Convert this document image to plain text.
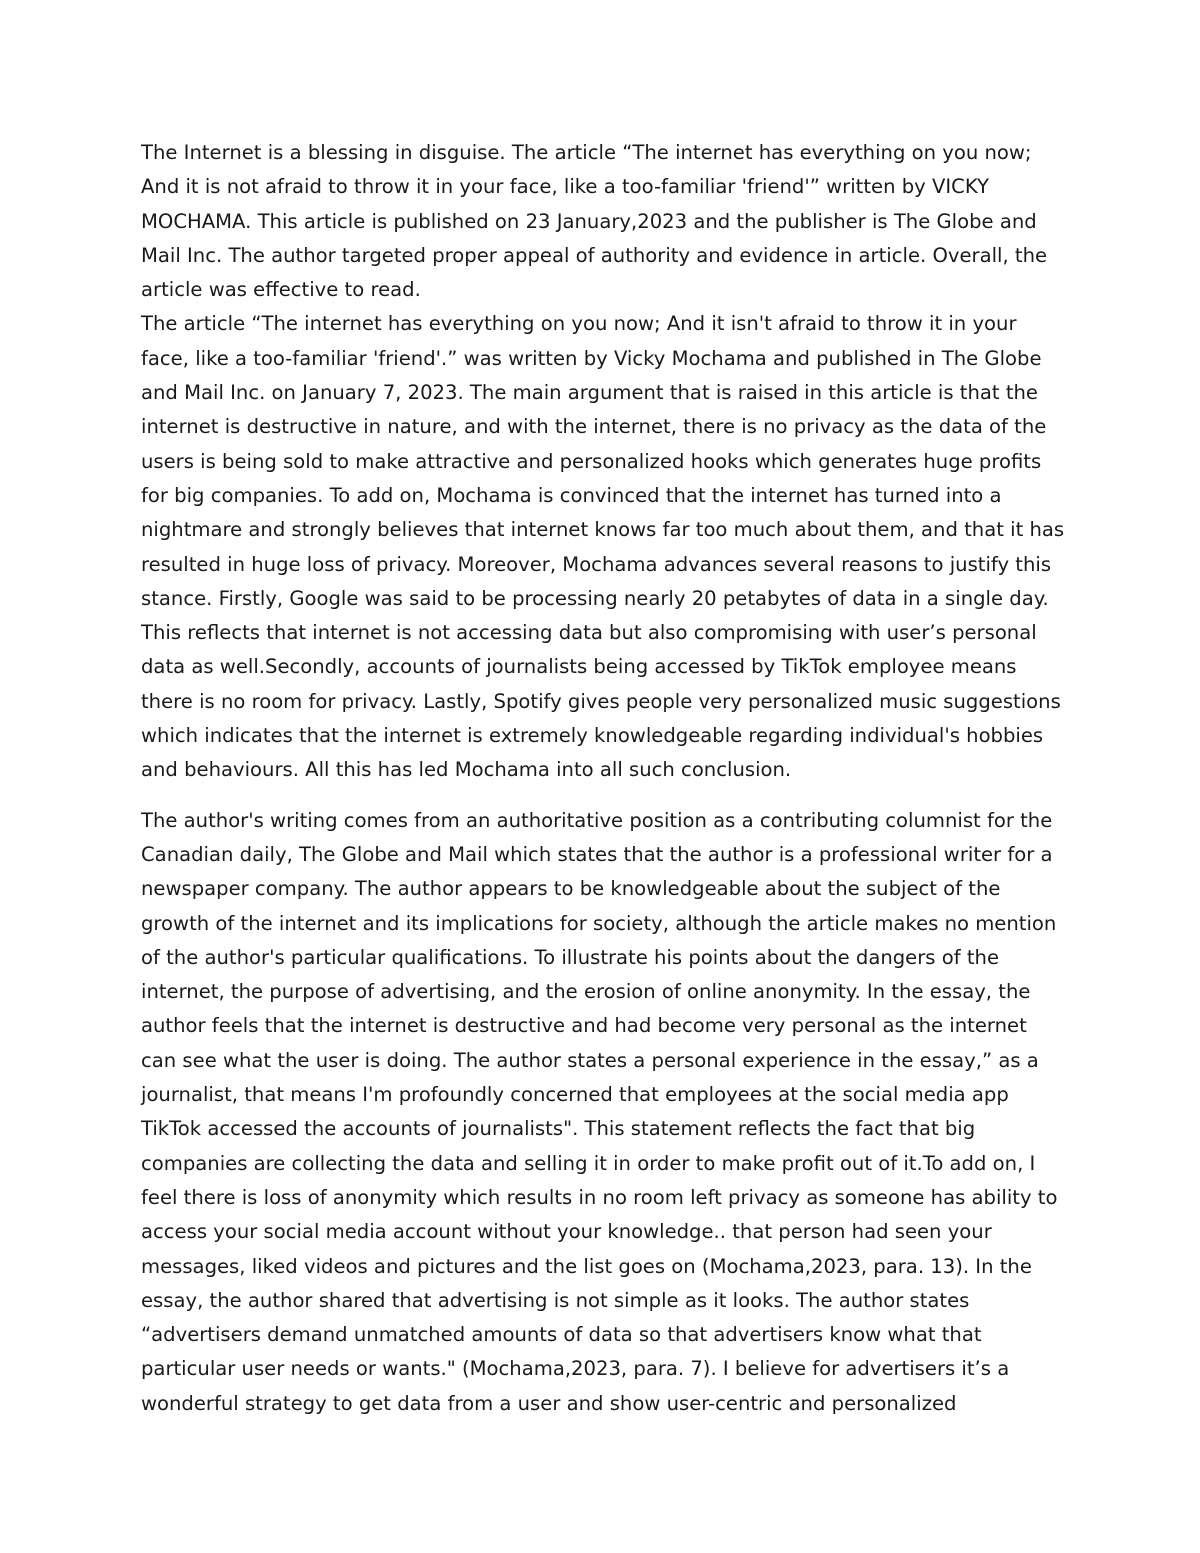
The Internet is a blessing in disguise. The article “The internet has everything on you now; And it is not afraid to throw it in your face, like a too-familiar 'friend'” written by VICKY MOCHAMA. This article is published on 23 January,2023 and the publisher is The Globe and Mail Inc. The author targeted proper appeal of authority and evidence in article. Overall, the article was effective to read.

The article “The internet has everything on you now; And it isn't afraid to throw it in your face, like a too-familiar 'friend'.” was written by Vicky Mochama and published in The Globe and Mail Inc. on January 7, 2023. The main argument that is raised in this article is that the internet is destructive in nature, and with the internet, there is no privacy as the data of the users is being sold to make attractive and personalized hooks which generates huge profits for big companies. To add on, Mochama is convinced that the internet has turned into a nightmare and strongly believes that internet knows far too much about them, and that it has resulted in huge loss of privacy. Moreover, Mochama advances several reasons to justify this stance. Firstly, Google was said to be processing nearly 20 petabytes of data in a single day. This reflects that internet is not accessing data but also compromising with user’s personal data as well.Secondly, accounts of journalists being accessed by TikTok employee means there is no room for privacy. Lastly, Spotify gives people very personalized music suggestions which indicates that the internet is extremely knowledgeable regarding individual's hobbies and behaviours. All this has led Mochama into all such conclusion.

The author's writing comes from an authoritative position as a contributing columnist for the Canadian daily, The Globe and Mail which states that the author is a professional writer for a newspaper company. The author appears to be knowledgeable about the subject of the growth of the internet and its implications for society, although the article makes no mention of the author's particular qualifications. To illustrate his points about the dangers of the internet, the purpose of advertising, and the erosion of online anonymity. In the essay, the author feels that the internet is destructive and had become very personal as the internet can see what the user is doing. The author states a personal experience in the essay,” as a journalist, that means I'm profoundly concerned that employees at the social media app TikTok accessed the accounts of journalists". This statement reflects the fact that big companies are collecting the data and selling it in order to make profit out of it.To add on, I feel there is loss of anonymity which results in no room left privacy as someone has ability to access your social media account without your knowledge.. that person had seen your messages, liked videos and pictures and the list goes on (Mochama,2023, para. 13). In the essay, the author shared that advertising is not simple as it looks. The author states “advertisers demand unmatched amounts of data so that advertisers know what that particular user needs or wants." (Mochama,2023, para. 7). I believe for advertisers it’s a wonderful strategy to get data from a user and show user-centric and personalized
